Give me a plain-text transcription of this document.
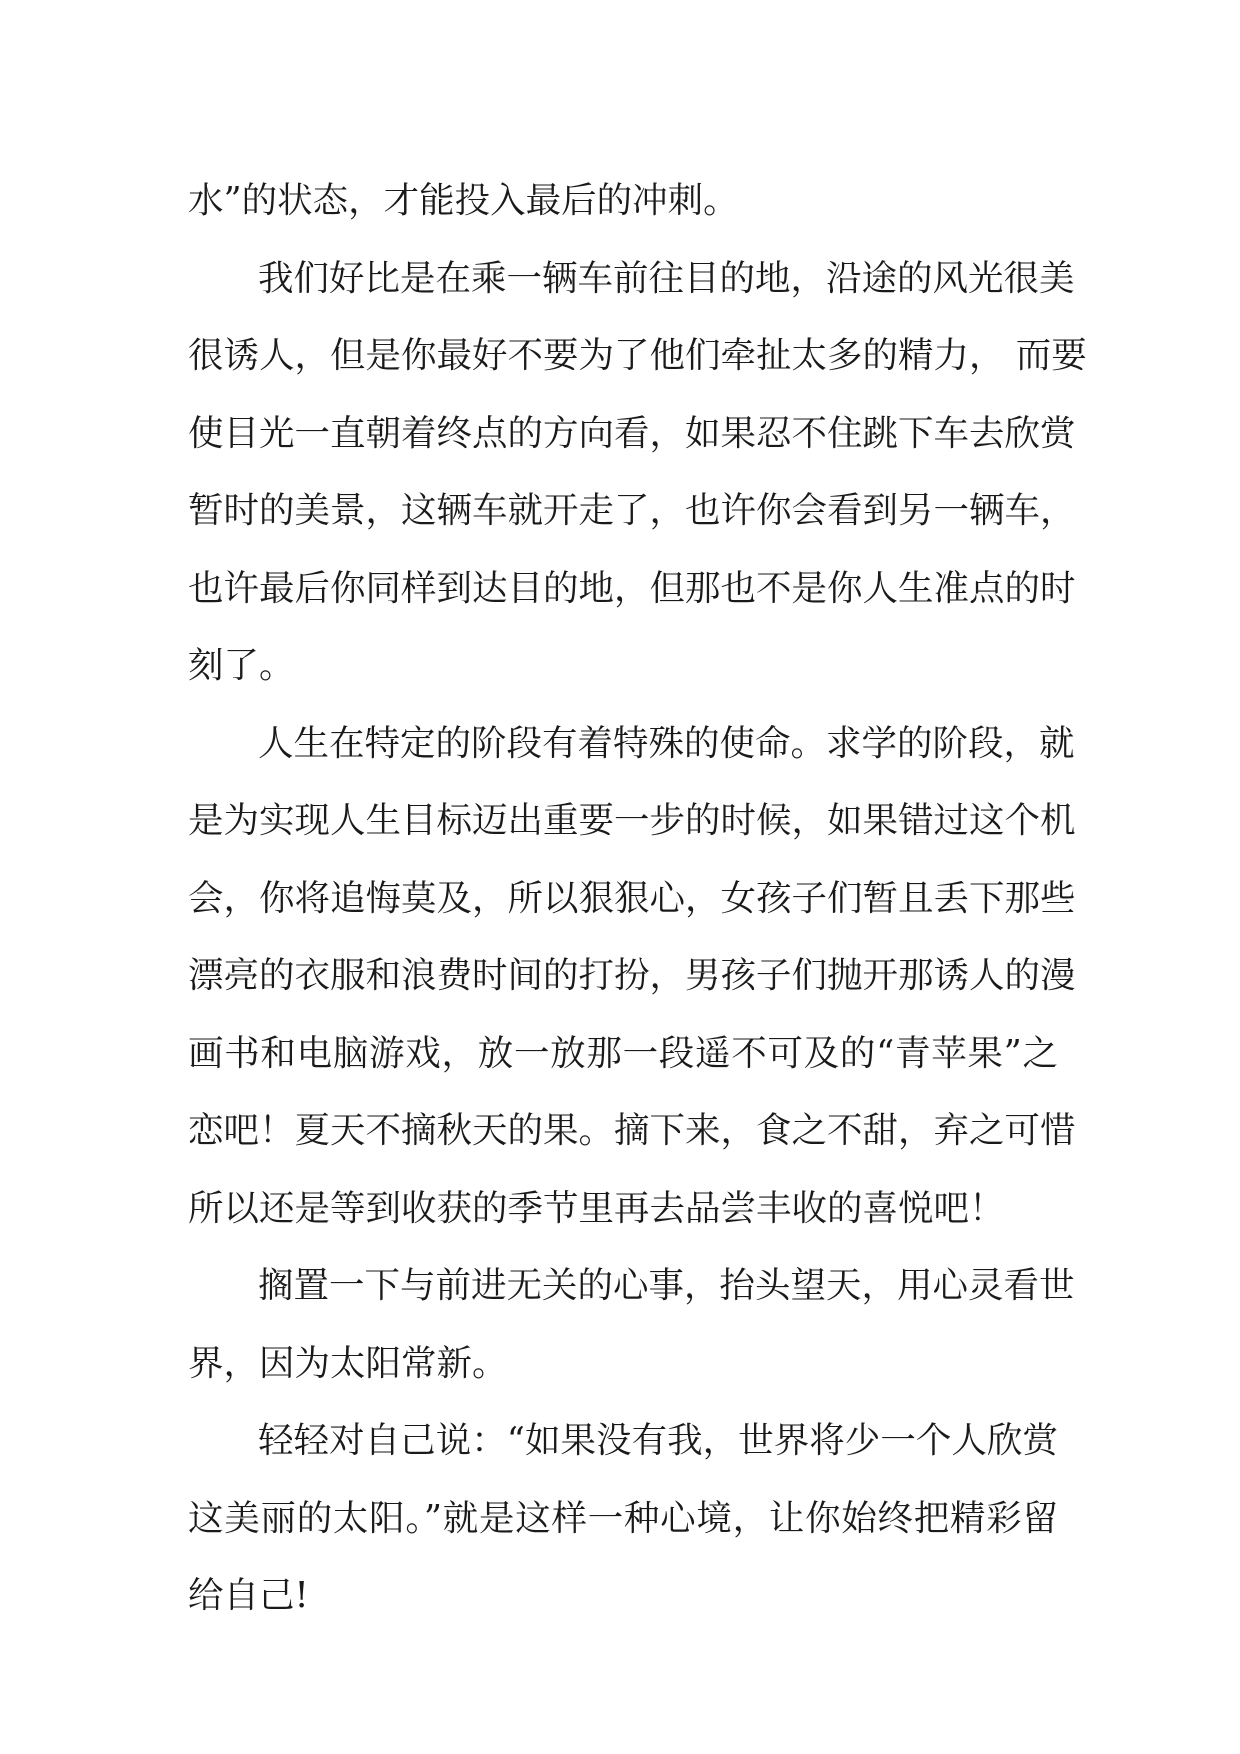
水”的状态，才能投入最后的冲刺。
我们好比是在乘一辆车前往目的地，沿途的风光很美
很诱人，但是你最好不要为了他们牵扯太多的精力， 而要
使目光一直朝着终点的方向看，如果忍不住跳下车去欣赏
暂时的美景，这辆车就开走了，也许你会看到另一辆车，
也许最后你同样到达目的地，但那也不是你人生准点的时
刻了。
人生在特定的阶段有着特殊的使命。求学的阶段，就
是为实现人生目标迈出重要一步的时候，如果错过这个机
会，你将追悔莫及，所以狠狠心，女孩子们暂且丢下那些
漂亮的衣服和浪费时间的打扮，男孩子们抛开那诱人的漫
画书和电脑游戏，放一放那一段遥不可及的“青苹果”之
恋吧！夏天不摘秋天的果。摘下来，食之不甜，弃之可惜
所以还是等到收获的季节里再去品尝丰收的喜悦吧！
搁置一下与前进无关的心事，抬头望天，用心灵看世
界，因为太阳常新。
轻轻对自己说：“如果没有我，世界将少一个人欣赏
这美丽的太阳。”就是这样一种心境，让你始终把精彩留
给自己!
